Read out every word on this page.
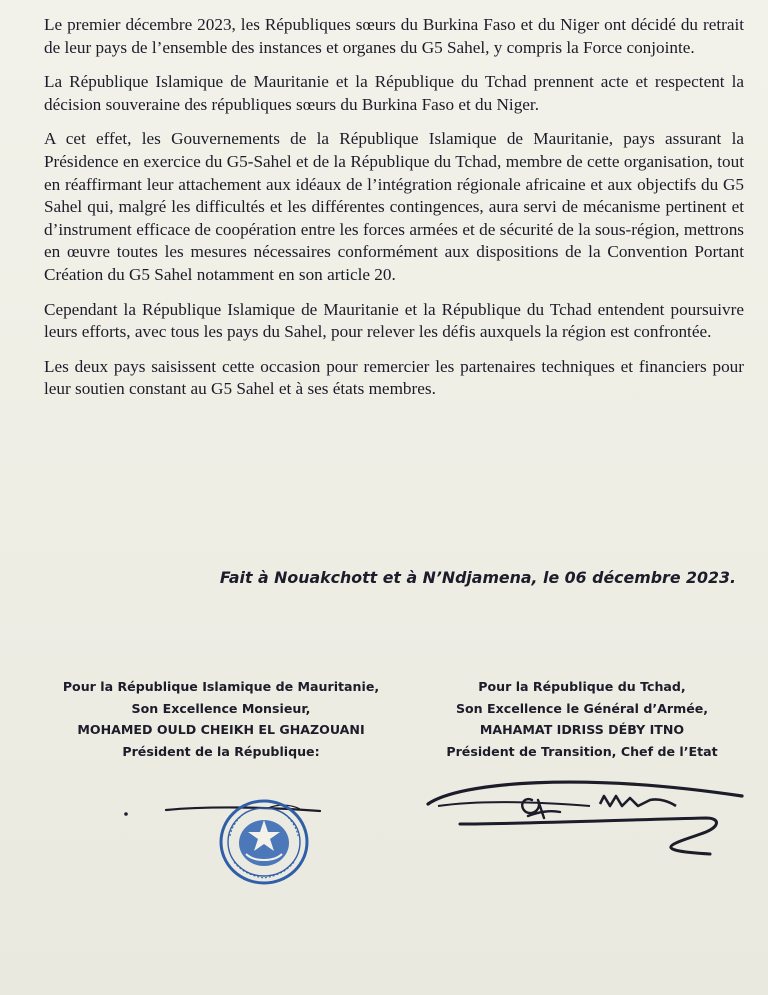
Le premier décembre 2023, les Républiques sœurs du Burkina Faso et du Niger ont décidé du retrait de leur pays de l’ensemble des instances et organes du G5 Sahel, y compris la Force conjointe.

La République Islamique de Mauritanie et la République du Tchad prennent acte et respectent la décision souveraine des républiques sœurs du Burkina Faso et du Niger.

A cet effet, les Gouvernements de la République Islamique de Mauritanie, pays assurant la Présidence en exercice du G5-Sahel et de la République du Tchad, membre de cette organisation, tout en réaffirmant leur attachement aux idéaux de l’intégration régionale africaine et aux objectifs du G5 Sahel qui, malgré les difficultés et les différentes contingences, aura servi de mécanisme pertinent et d’instrument efficace de coopération entre les forces armées et de sécurité de la sous-région, mettrons en œuvre toutes les mesures nécessaires conformément aux dispositions de la Convention Portant Création du G5 Sahel notamment en son article 20.

Cependant la République Islamique de Mauritanie et la République du Tchad entendent poursuivre leurs efforts, avec tous les pays du Sahel, pour relever les défis auxquels la région est confrontée.

Les deux pays saisissent cette occasion pour remercier les partenaires techniques et financiers pour leur soutien constant au G5 Sahel et à ses états membres.

Fait à Nouakchott et à N’Ndjamena, le 06 décembre 2023.
Pour la République Islamique de Mauritanie,
Son Excellence Monsieur,
MOHAMED OULD CHEIKH EL GHAZOUANI
Président de la République:
Pour la République du Tchad,
Son Excellence le Général d’Armée,
MAHAMAT IDRISS DÉBY ITNO
Président de Transition, Chef de l’Etat
